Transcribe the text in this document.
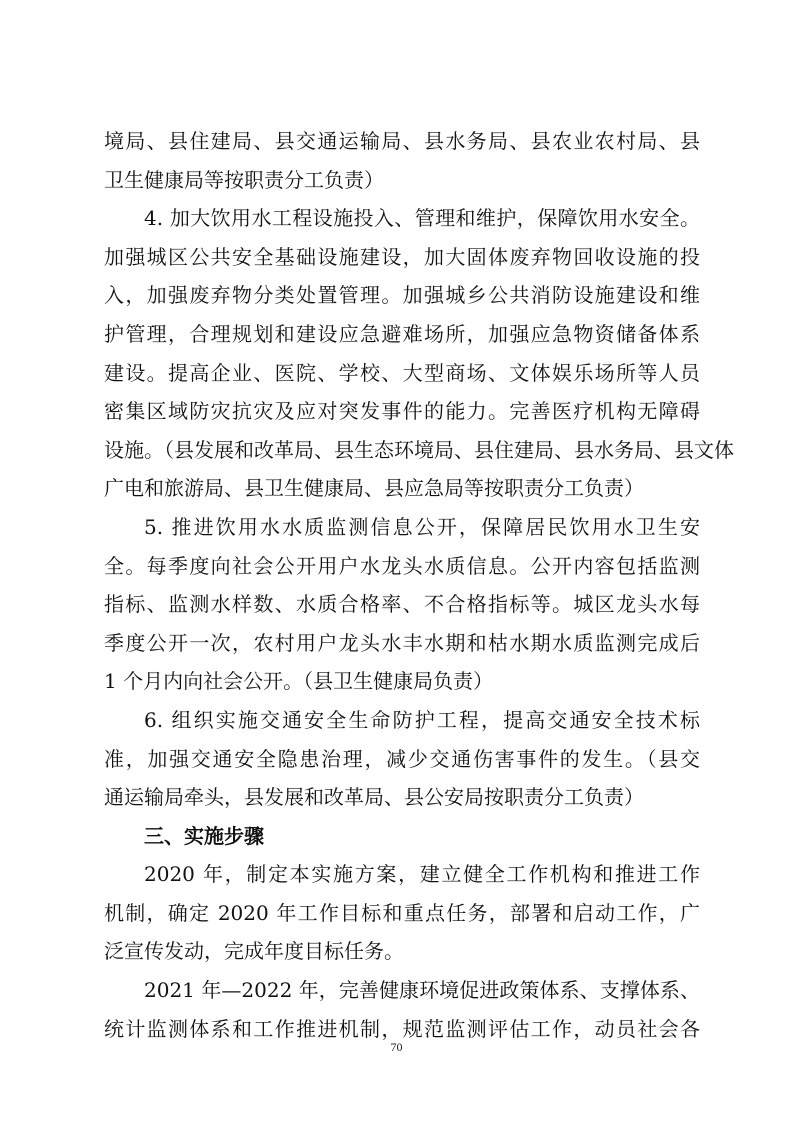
境局、县住建局、县交通运输局、县水务局、县农业农村局、县
卫生健康局等按职责分工负责）
4. 加大饮用水工程设施投入、管理和维护，保障饮用水安全。
加强城区公共安全基础设施建设，加大固体废弃物回收设施的投
入，加强废弃物分类处置管理。加强城乡公共消防设施建设和维
护管理，合理规划和建设应急避难场所，加强应急物资储备体系
建设。提高企业、医院、学校、大型商场、文体娱乐场所等人员
密集区域防灾抗灾及应对突发事件的能力。完善医疗机构无障碍
设施。（县发展和改革局、县生态环境局、县住建局、县水务局、县文体
广电和旅游局、县卫生健康局、县应急局等按职责分工负责）
5. 推进饮用水水质监测信息公开，保障居民饮用水卫生安
全。每季度向社会公开用户水龙头水质信息。公开内容包括监测
指标、监测水样数、水质合格率、不合格指标等。城区龙头水每
季度公开一次，农村用户龙头水丰水期和枯水期水质监测完成后
1 个月内向社会公开。（县卫生健康局负责）
6. 组织实施交通安全生命防护工程，提高交通安全技术标
准，加强交通安全隐患治理，减少交通伤害事件的发生。（县交
通运输局牵头，县发展和改革局、县公安局按职责分工负责）
三、实施步骤
2020 年，制定本实施方案，建立健全工作机构和推进工作
机制，确定 2020 年工作目标和重点任务，部署和启动工作，广
泛宣传发动，完成年度目标任务。
2021 年—2022 年，完善健康环境促进政策体系、支撑体系、
统计监测体系和工作推进机制，规范监测评估工作，动员社会各
70
